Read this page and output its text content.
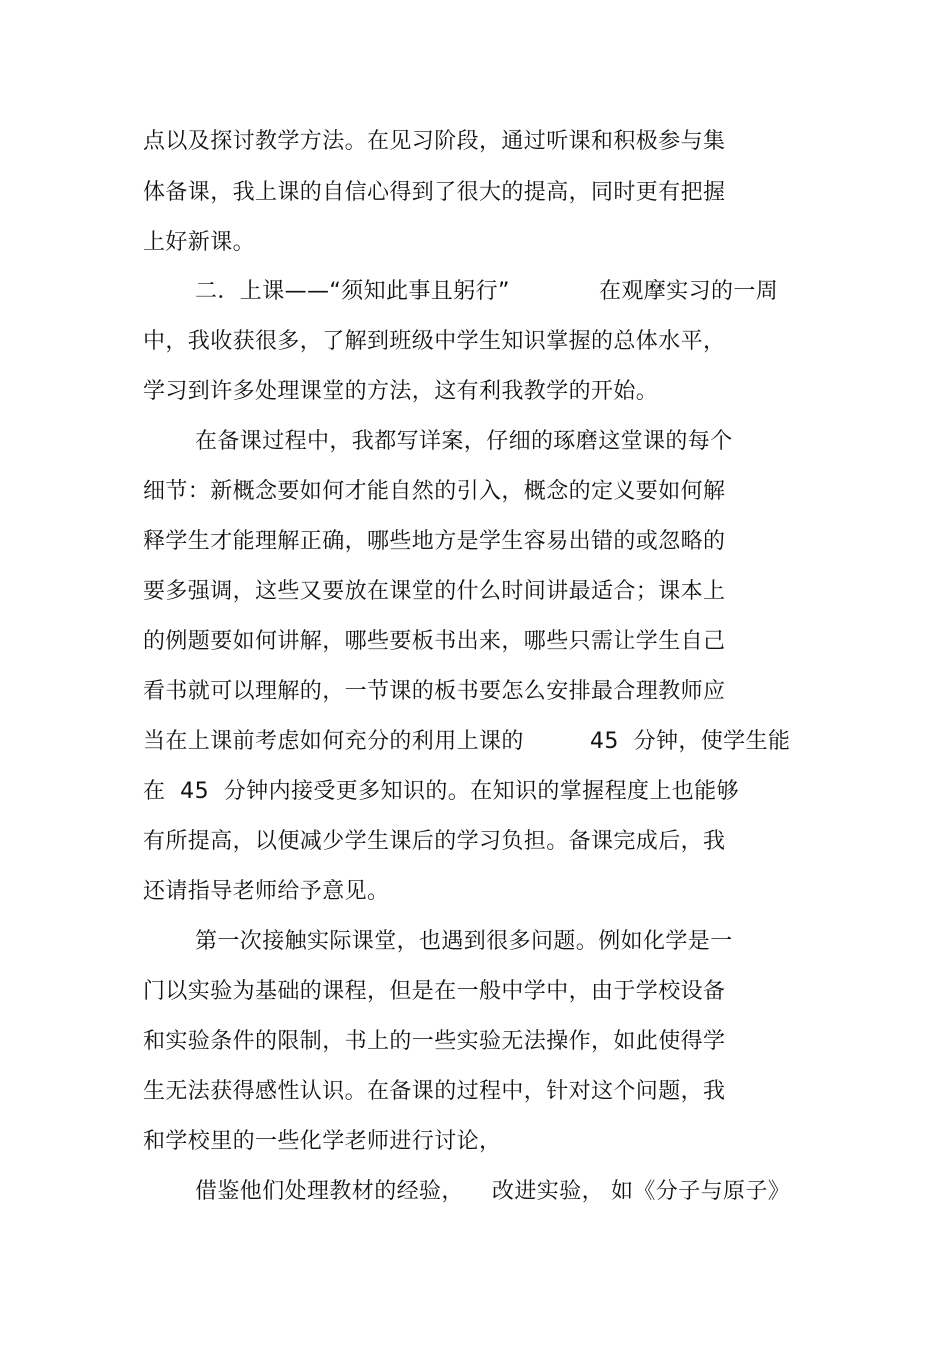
点以及探讨教学方法。在见习阶段，通过听课和积极参与集
体备课，我上课的自信心得到了很大的提高，同时更有把握
上好新课。
二．上课——“须知此事且躬行”	在观摩实习的一周
中，我收获很多，了解到班级中学生知识掌握的总体水平，
学习到许多处理课堂的方法，这有利我教学的开始。
在备课过程中，我都写详案，仔细的琢磨这堂课的每个
细节：新概念要如何才能自然的引入，概念的定义要如何解
释学生才能理解正确，哪些地方是学生容易出错的或忽略的
要多强调，这些又要放在课堂的什么时间讲最适合；课本上
的例题要如何讲解，哪些要板书出来，哪些只需让学生自己
看书就可以理解的，一节课的板书要怎么安排最合理教师应
当在上课前考虑如何充分的利用上课的	45  分钟，使学生能
在  45  分钟内接受更多知识的。在知识的掌握程度上也能够
有所提高，以便减少学生课后的学习负担。备课完成后，我
还请指导老师给予意见。
第一次接触实际课堂，也遇到很多问题。例如化学是一
门以实验为基础的课程，但是在一般中学中，由于学校设备
和实验条件的限制，书上的一些实验无法操作，如此使得学
生无法获得感性认识。在备课的过程中，针对这个问题，我
和学校里的一些化学老师进行讨论，
借鉴他们处理教材的经验， 改进实验， 如《分子与原子》
